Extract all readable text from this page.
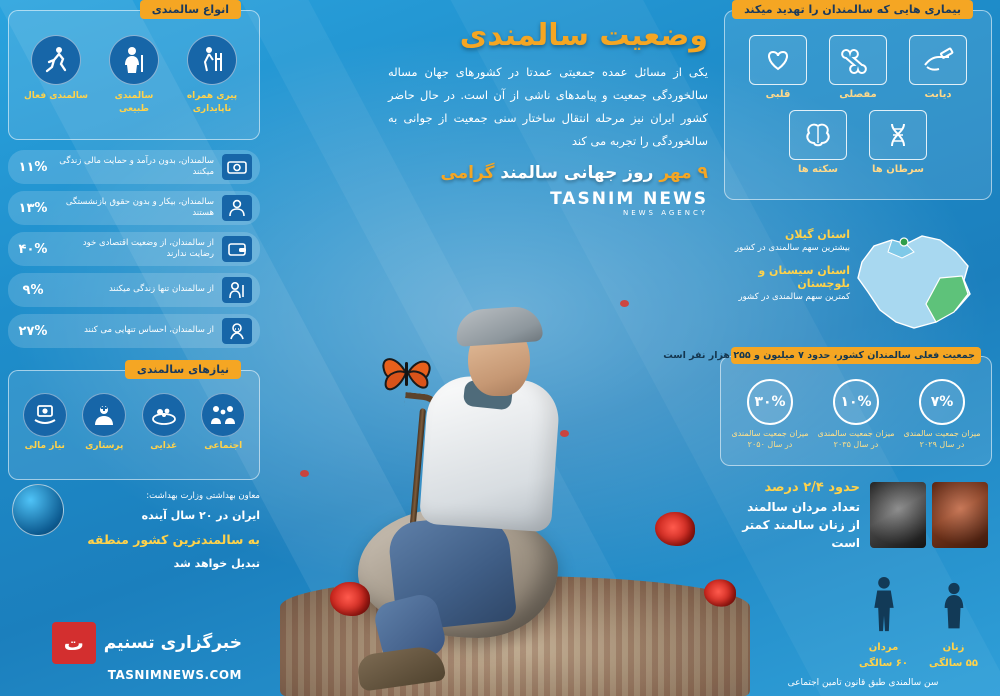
وضعیت سالمندی
یکی از مسائل عمده جمعیتی عمدتا در کشورهای جهان مساله سالخوردگی جمعیت و پیامدهای ناشی از آن است. در حال حاضر کشور ایران نیز مرحله انتقال ساختار سنی جمعیت از جوانی به سالخوردگی را تجربه می کند
۹ مهر روز جهانی سالمند گرامی
TASNIM NEWS
NEWS AGENCY
بیماری هایی که سالمندان را تهدید میکند
دیابت
مفصلی
قلبی
سرطان ها
سکته ها
استان گیلان
بیشترین سهم سالمندی در کشور
استان سیستان و بلوچستان
کمترین سهم سالمندی در کشور
جمعیت فعلی سالمندان کشور، حدود ۷ میلیون و ۲۵۵ هزار نفر است
۷%
میزان جمعیت سالمندی در سال ۲۰۲۹
۱۰%
میزان جمعیت سالمندی در سال ۲۰۳۵
۳۰%
میزان جمعیت سالمندی در سال ۲۰۵۰
حدود ۲/۴ درصد
تعداد مردان سالمند
از زنان سالمند کمتر است
زنان
۵۵ سالگی
مردان
۶۰ سالگی
سن سالمندی طبق قانون تامین اجتماعی
انواع سالمندی
پیری همراه ناپایداری
سالمندی طبیعی
سالمندی فعال
سالمندان، بدون درآمد و حمایت مالی زندگی میکنند
۱۱%
سالمندان، بیکار و بدون حقوق بازنشستگی هستند
۱۳%
از سالمندان، از وضعیت اقتصادی خود رضایت ندارند
۴۰%
از سالمندان تنها زندگی میکنند
۹%
از سالمندان، احساس تنهایی می کنند
۲۷%
نیازهای سالمندی
اجتماعی
غذایی
پرستاری
نیاز مالی
معاون بهداشتی وزارت بهداشت:
ایران در ۲۰ سال آینده
به سالمندترین کشور منطقه
تبدیل خواهد شد
ت	خبرگزاری تسنیم
TASNIMNEWS.COM
